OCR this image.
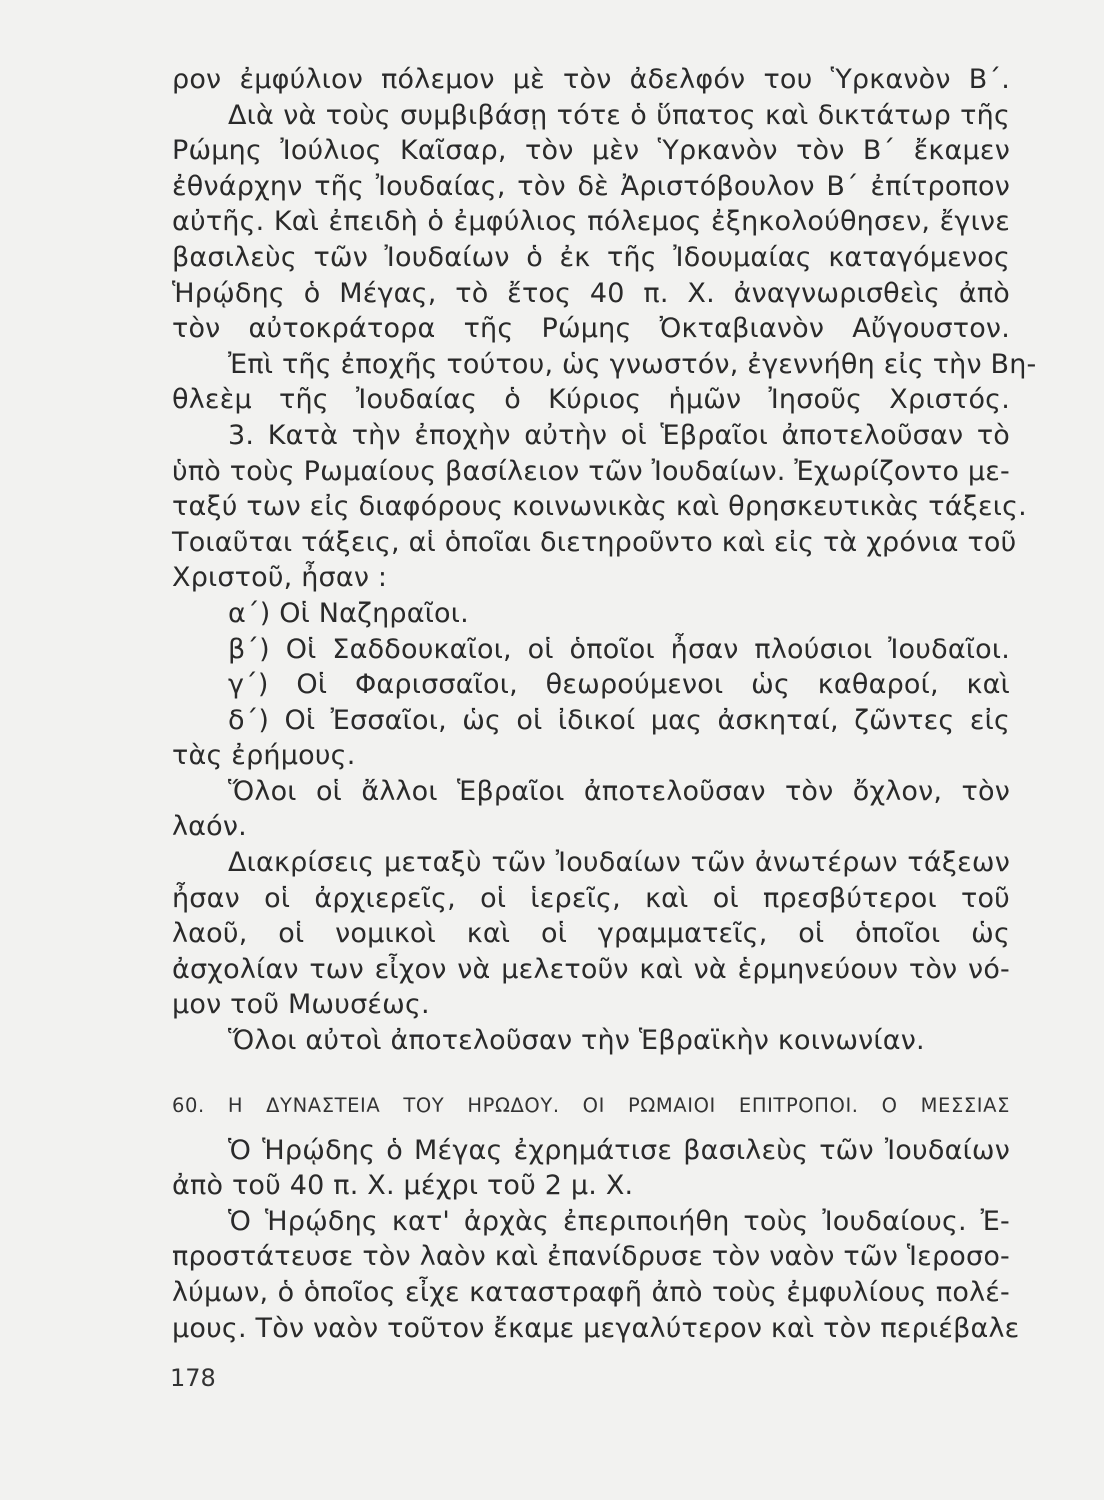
ρον ἐμφύλιον πόλεμον μὲ τὸν ἀδελφόν του Ὑρκανὸν Β΄.
Διὰ νὰ τοὺς συμβιβάσῃ τότε ὁ ὕπατος καὶ δικτάτωρ τῆς
Ρώμης Ἰούλιος Καῖσαρ, τὸν μὲν Ὑρκανὸν τὸν Β΄ ἔκαμεν
ἐθνάρχην τῆς Ἰουδαίας, τὸν δὲ Ἀριστόβουλον Β΄ ἐπίτροπον
αὐτῆς. Καὶ ἐπειδὴ ὁ ἐμφύλιος πόλεμος ἐξηκολούθησεν, ἔγινε
βασιλεὺς τῶν Ἰουδαίων ὁ ἐκ τῆς Ἰδουμαίας καταγόμενος
Ἡρῴδης ὁ Μέγας, τὸ ἔτος 40 π. Χ. ἀναγνωρισθεὶς ἀπὸ
τὸν αὐτοκράτορα τῆς Ρώμης Ὀκταβιανὸν Αὔγουστον.
Ἐπὶ τῆς ἐποχῆς τούτου, ὡς γνωστόν, ἐγεννήθη εἰς τὴν Βη-
θλεὲμ τῆς Ἰουδαίας ὁ Κύριος ἡμῶν Ἰησοῦς Χριστός.
3. Κατὰ τὴν ἐποχὴν αὐτὴν οἱ Ἑβραῖοι ἀποτελοῦσαν τὸ
ὑπὸ τοὺς Ρωμαίους βασίλειον τῶν Ἰουδαίων. Ἐχωρίζοντο με-
ταξύ των εἰς διαφόρους κοινωνικὰς καὶ θρησκευτικὰς τάξεις.
Τοιαῦται τάξεις, αἱ ὁποῖαι διετηροῦντο καὶ εἰς τὰ χρόνια τοῦ
Χριστοῦ, ἦσαν :
α΄) Οἱ Ναζηραῖοι.
β΄) Οἱ Σαδδουκαῖοι, οἱ ὁποῖοι ἦσαν πλούσιοι Ἰουδαῖοι.
γ΄) Οἱ Φαρισσαῖοι, θεωρούμενοι ὡς καθαροί, καὶ
δ΄) Οἱ Ἐσσαῖοι, ὡς οἱ ἰδικοί μας ἀσκηταί, ζῶντες εἰς
τὰς ἐρήμους.
Ὅλοι οἱ ἄλλοι Ἑβραῖοι ἀποτελοῦσαν τὸν ὄχλον, τὸν
λαόν.
Διακρίσεις μεταξὺ τῶν Ἰουδαίων τῶν ἀνωτέρων τάξεων
ἦσαν οἱ ἀρχιερεῖς, οἱ ἱερεῖς, καὶ οἱ πρεσβύτεροι τοῦ
λαοῦ, οἱ νομικοὶ καὶ οἱ γραμματεῖς, οἱ ὁποῖοι ὡς
ἀσχολίαν των εἶχον νὰ μελετοῦν καὶ νὰ ἑρμηνεύουν τὸν νό-
μον τοῦ Μωυσέως.
Ὅλοι αὐτοὶ ἀποτελοῦσαν τὴν Ἑβραϊκὴν κοινωνίαν.
60. Η ΔΥΝΑΣΤΕΙΑ ΤΟΥ ΗΡΩΔΟΥ. ΟΙ ΡΩΜΑΙΟΙ ΕΠΙΤΡΟΠΟΙ. Ο ΜΕΣΣΙΑΣ
Ὁ Ἡρῴδης ὁ Μέγας ἐχρημάτισε βασιλεὺς τῶν Ἰουδαίων
ἀπὸ τοῦ 40 π. Χ. μέχρι τοῦ 2 μ. Χ.
Ὁ Ἡρῴδης κατ' ἀρχὰς ἐπεριποιήθη τοὺς Ἰουδαίους. Ἐ-
προστάτευσε τὸν λαὸν καὶ ἐπανίδρυσε τὸν ναὸν τῶν Ἱεροσο-
λύμων, ὁ ὁποῖος εἶχε καταστραφῆ ἀπὸ τοὺς ἐμφυλίους πολέ-
μους. Τὸν ναὸν τοῦτον ἔκαμε μεγαλύτερον καὶ τὸν περιέβαλε
178
